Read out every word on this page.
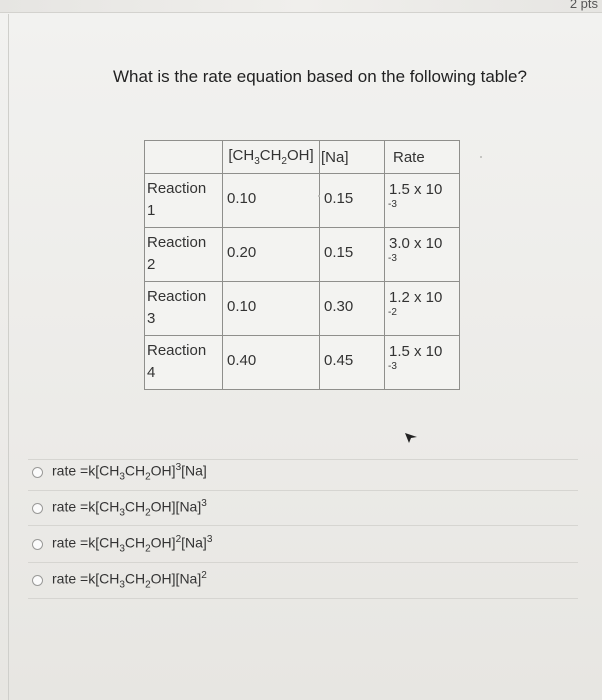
2 pts
What is the rate equation based on the following table?

	$[CH_3CH_2OH]$	[Na]	Rate

Reaction
1	0.10	0.15	1.5 x 10
-3

Reaction
2	0.20	0.15	3.0 x 10
-3

Reaction
3	0.10	0.30	1.2 x 10
-2

Reaction
4	0.40	0.45	1.5 x 10
-3
rate $=k[CH_3CH_2OH]^3[Na]$
rate $=k[CH_3CH_2OH][Na]^3$
rate $=k[CH_3CH_2OH]^2[Na]^3$
rate $=k[CH_3CH_2OH][Na]^2$
